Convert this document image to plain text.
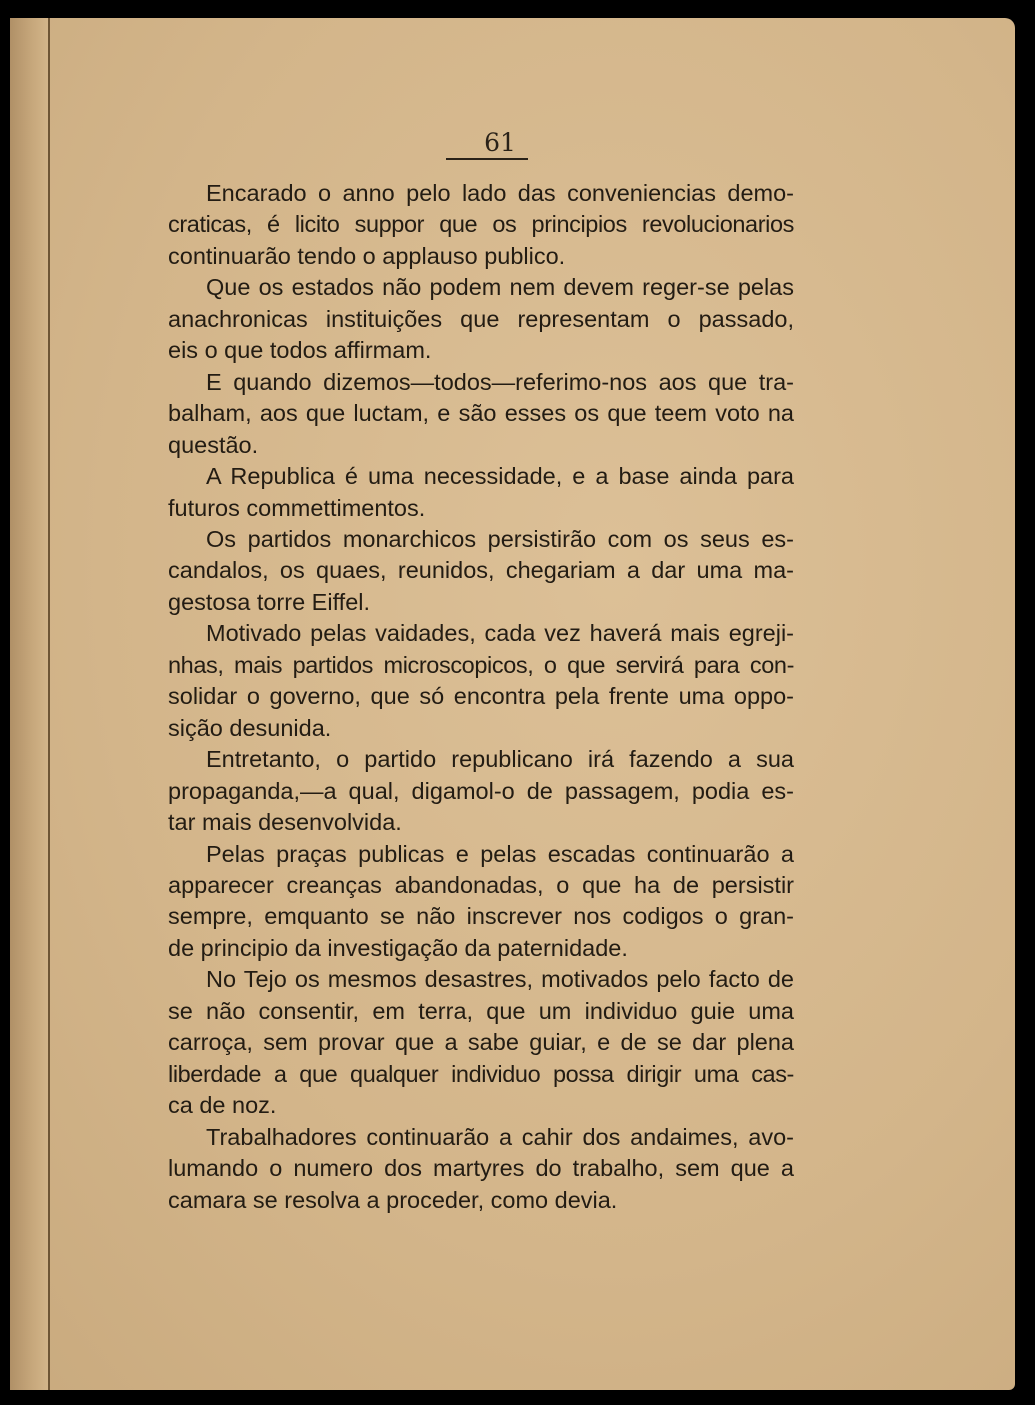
61

Encarado o anno pelo lado das conveniencias demo-
craticas, é licito suppor que os principios revolucionarios
continuarão tendo o applauso publico.
Que os estados não podem nem devem reger-se pelas
anachronicas instituições que representam o passado,
eis o que todos affirmam.
E quando dizemos—todos—referimo-nos aos que tra-
balham, aos que luctam, e são esses os que teem voto na
questão.
A Republica é uma necessidade, e a base ainda para
futuros commettimentos.
Os partidos monarchicos persistirão com os seus es-
candalos, os quaes, reunidos, chegariam a dar uma ma-
gestosa torre Eiffel.
Motivado pelas vaidades, cada vez haverá mais egreji-
nhas, mais partidos microscopicos, o que servirá para con-
solidar o governo, que só encontra pela frente uma oppo-
sição desunida.
Entretanto, o partido republicano irá fazendo a sua
propaganda,—a qual, digamol-o de passagem, podia es-
tar mais desenvolvida.
Pelas praças publicas e pelas escadas continuarão a
apparecer creanças abandonadas, o que ha de persistir
sempre, emquanto se não inscrever nos codigos o gran-
de principio da investigação da paternidade.
No Tejo os mesmos desastres, motivados pelo facto de
se não consentir, em terra, que um individuo guie uma
carroça, sem provar que a sabe guiar, e de se dar plena
liberdade a que qualquer individuo possa dirigir uma cas-
ca de noz.
Trabalhadores continuarão a cahir dos andaimes, avo-
lumando o numero dos martyres do trabalho, sem que a
camara se resolva a proceder, como devia.
